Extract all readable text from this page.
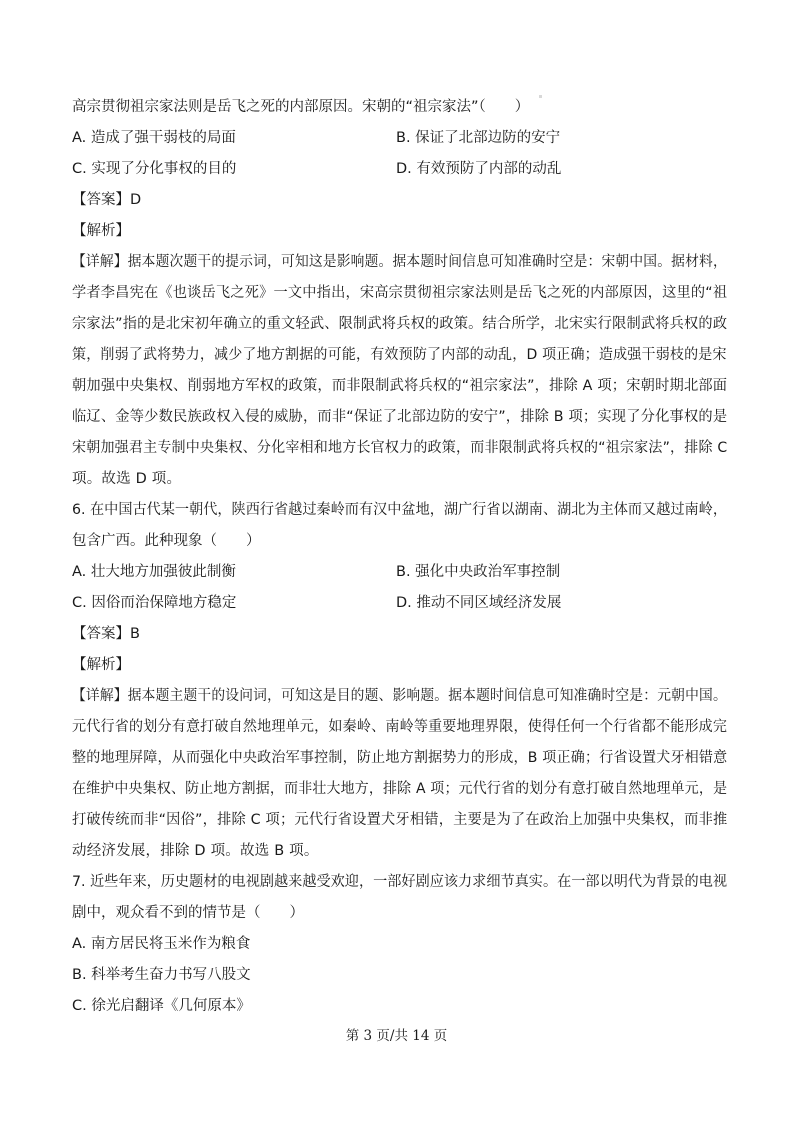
高宗贯彻祖宗家法则是岳飞之死的内部原因。宋朝的“祖宗家法”（　　）
A. 造成了强干弱枝的局面	B. 保证了北部边防的安宁
C. 实现了分化事权的目的	D. 有效预防了内部的动乱
【答案】D
【解析】
【详解】据本题次题干的提示词，可知这是影响题。据本题时间信息可知准确时空是：宋朝中国。据材料，
学者李昌宪在《也谈岳飞之死》一文中指出，宋高宗贯彻祖宗家法则是岳飞之死的内部原因，这里的“祖
宗家法”指的是北宋初年确立的重文轻武、限制武将兵权的政策。结合所学，北宋实行限制武将兵权的政
策，削弱了武将势力，减少了地方割据的可能，有效预防了内部的动乱，D 项正确；造成强干弱枝的是宋
朝加强中央集权、削弱地方军权的政策，而非限制武将兵权的“祖宗家法”，排除 A 项；宋朝时期北部面
临辽、金等少数民族政权入侵的威胁，而非“保证了北部边防的安宁”，排除 B 项；实现了分化事权的是
宋朝加强君主专制中央集权、分化宰相和地方长官权力的政策，而非限制武将兵权的“祖宗家法”，排除 C
项。故选 D 项。
6. 在中国古代某一朝代，陕西行省越过秦岭而有汉中盆地，湖广行省以湖南、湖北为主体而又越过南岭，
包含广西。此种现象（　　）
A. 壮大地方加强彼此制衡	B. 强化中央政治军事控制
C. 因俗而治保障地方稳定	D. 推动不同区域经济发展
【答案】B
【解析】
【详解】据本题主题干的设问词，可知这是目的题、影响题。据本题时间信息可知准确时空是：元朝中国。
元代行省的划分有意打破自然地理单元，如秦岭、南岭等重要地理界限，使得任何一个行省都不能形成完
整的地理屏障，从而强化中央政治军事控制，防止地方割据势力的形成，B 项正确；行省设置犬牙相错意
在维护中央集权、防止地方割据，而非壮大地方，排除 A 项；元代行省的划分有意打破自然地理单元，是
打破传统而非“因俗”，排除 C 项；元代行省设置犬牙相错，主要是为了在政治上加强中央集权，而非推
动经济发展，排除 D 项。故选 B 项。
7. 近些年来，历史题材的电视剧越来越受欢迎，一部好剧应该力求细节真实。在一部以明代为背景的电视
剧中，观众看不到的情节是（　　）
A. 南方居民将玉米作为粮食
B. 科举考生奋力书写八股文
C. 徐光启翻译《几何原本》
第 3 页/共 14 页
